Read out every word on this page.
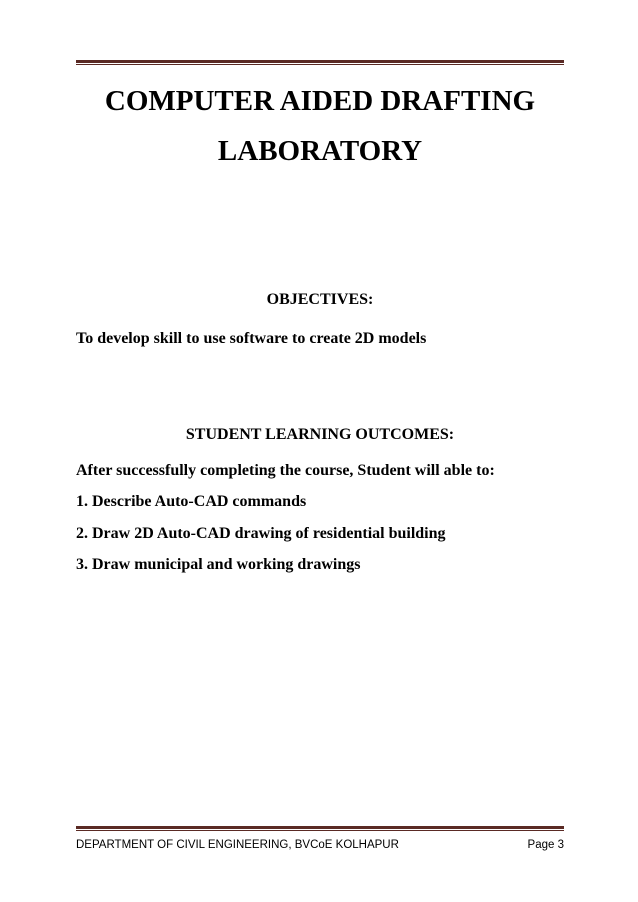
COMPUTER AIDED DRAFTING
LABORATORY
OBJECTIVES:
To develop skill to use software to create 2D models
STUDENT LEARNING OUTCOMES:
After successfully completing the course, Student will able to:
1. Describe Auto-CAD commands
2. Draw 2D Auto-CAD drawing of residential building
3. Draw municipal and working drawings
DEPARTMENT OF CIVIL ENGINEERING, BVCoE KOLHAPUR	Page 3
